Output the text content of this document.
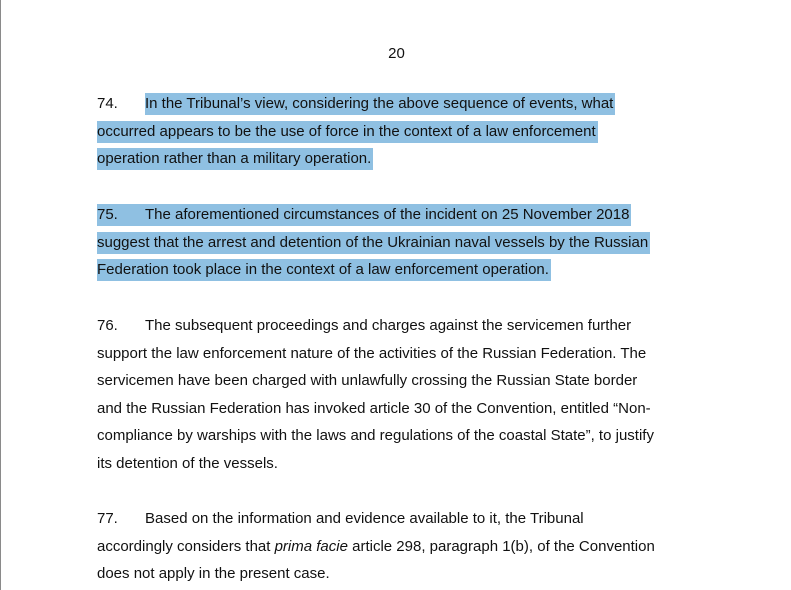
20
74. In the Tribunal’s view, considering the above sequence of events, what
occurred appears to be the use of force in the context of a law enforcement
operation rather than a military operation.
75. The aforementioned circumstances of the incident on 25 November 2018
suggest that the arrest and detention of the Ukrainian naval vessels by the Russian
Federation took place in the context of a law enforcement operation.
76. The subsequent proceedings and charges against the servicemen further
support the law enforcement nature of the activities of the Russian Federation. The
servicemen have been charged with unlawfully crossing the Russian State border
and the Russian Federation has invoked article 30 of the Convention, entitled “Non-
compliance by warships with the laws and regulations of the coastal State”, to justify
its detention of the vessels.
77. Based on the information and evidence available to it, the Tribunal
accordingly considers that prima facie article 298, paragraph 1(b), of the Convention
does not apply in the present case.
